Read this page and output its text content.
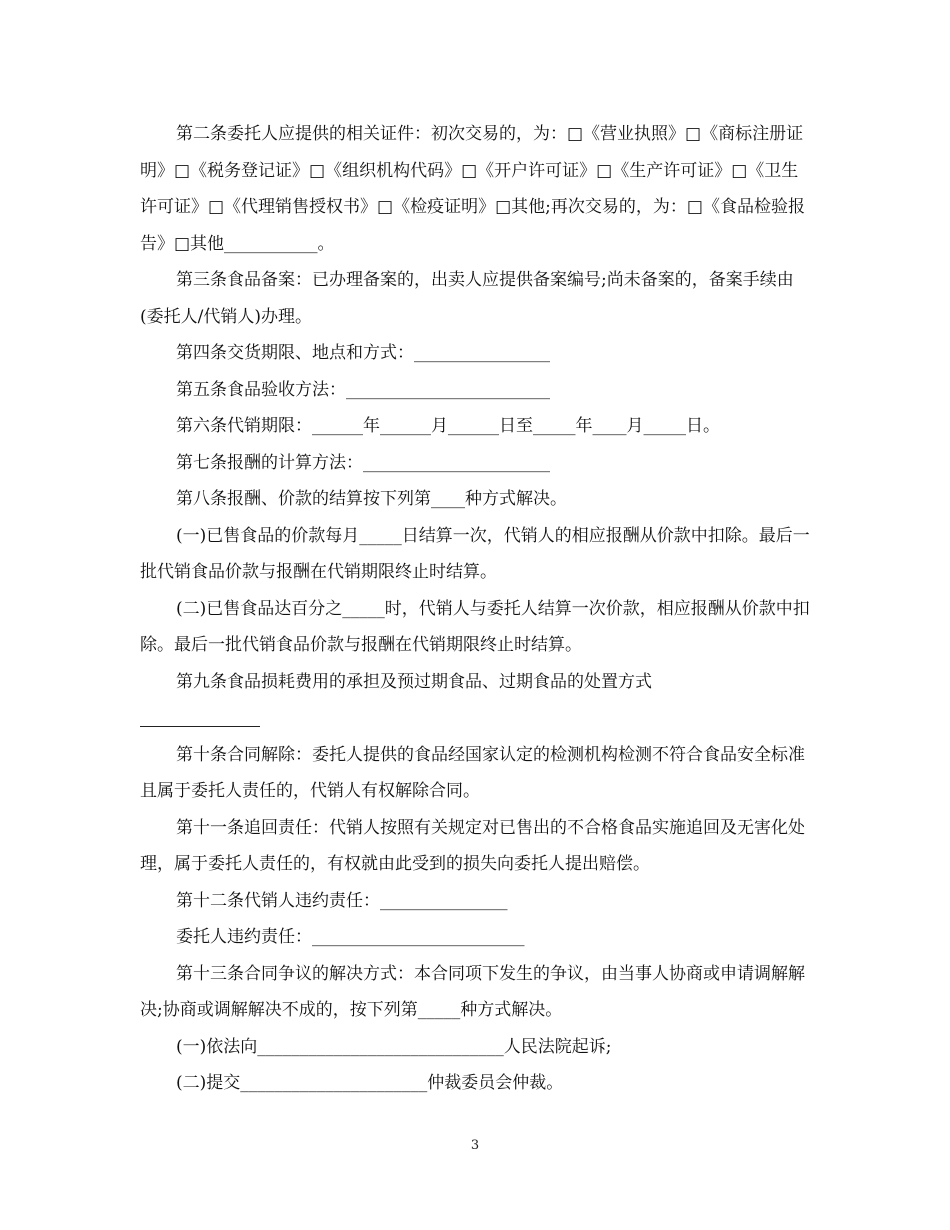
第二条委托人应提供的相关证件：初次交易的，为：□《营业执照》□《商标注册证明》□《税务登记证》□《组织机构代码》□《开户许可证》□《生产许可证》□《卫生许可证》□《代理销售授权书》□《检疫证明》□其他;再次交易的，为：□《食品检验报告》□其他___________。

第三条食品备案：已办理备案的，出卖人应提供备案编号;尚未备案的，备案手续由(委托人/代销人)办理。

第四条交货期限、地点和方式：________________

第五条食品验收方法：________________________

第六条代销期限：______年______月______日至_____年____月_____日。

第七条报酬的计算方法：______________________

第八条报酬、价款的结算按下列第____种方式解决。

(一)已售食品的价款每月_____日结算一次，代销人的相应报酬从价款中扣除。最后一批代销食品价款与报酬在代销期限终止时结算。

(二)已售食品达百分之_____时，代销人与委托人结算一次价款，相应报酬从价款中扣除。最后一批代销食品价款与报酬在代销期限终止时结算。

第九条食品损耗费用的承担及预过期食品、过期食品的处置方式

第十条合同解除：委托人提供的食品经国家认定的检测机构检测不符合食品安全标准且属于委托人责任的，代销人有权解除合同。

第十一条追回责任：代销人按照有关规定对已售出的不合格食品实施追回及无害化处理，属于委托人责任的，有权就由此受到的损失向委托人提出赔偿。

第十二条代销人违约责任：_______________

委托人违约责任：_________________________

第十三条合同争议的解决方式：本合同项下发生的争议，由当事人协商或申请调解解决;协商或调解解决不成的，按下列第_____种方式解决。

(一)依法向_____________________________人民法院起诉;

(二)提交______________________仲裁委员会仲裁。

3
